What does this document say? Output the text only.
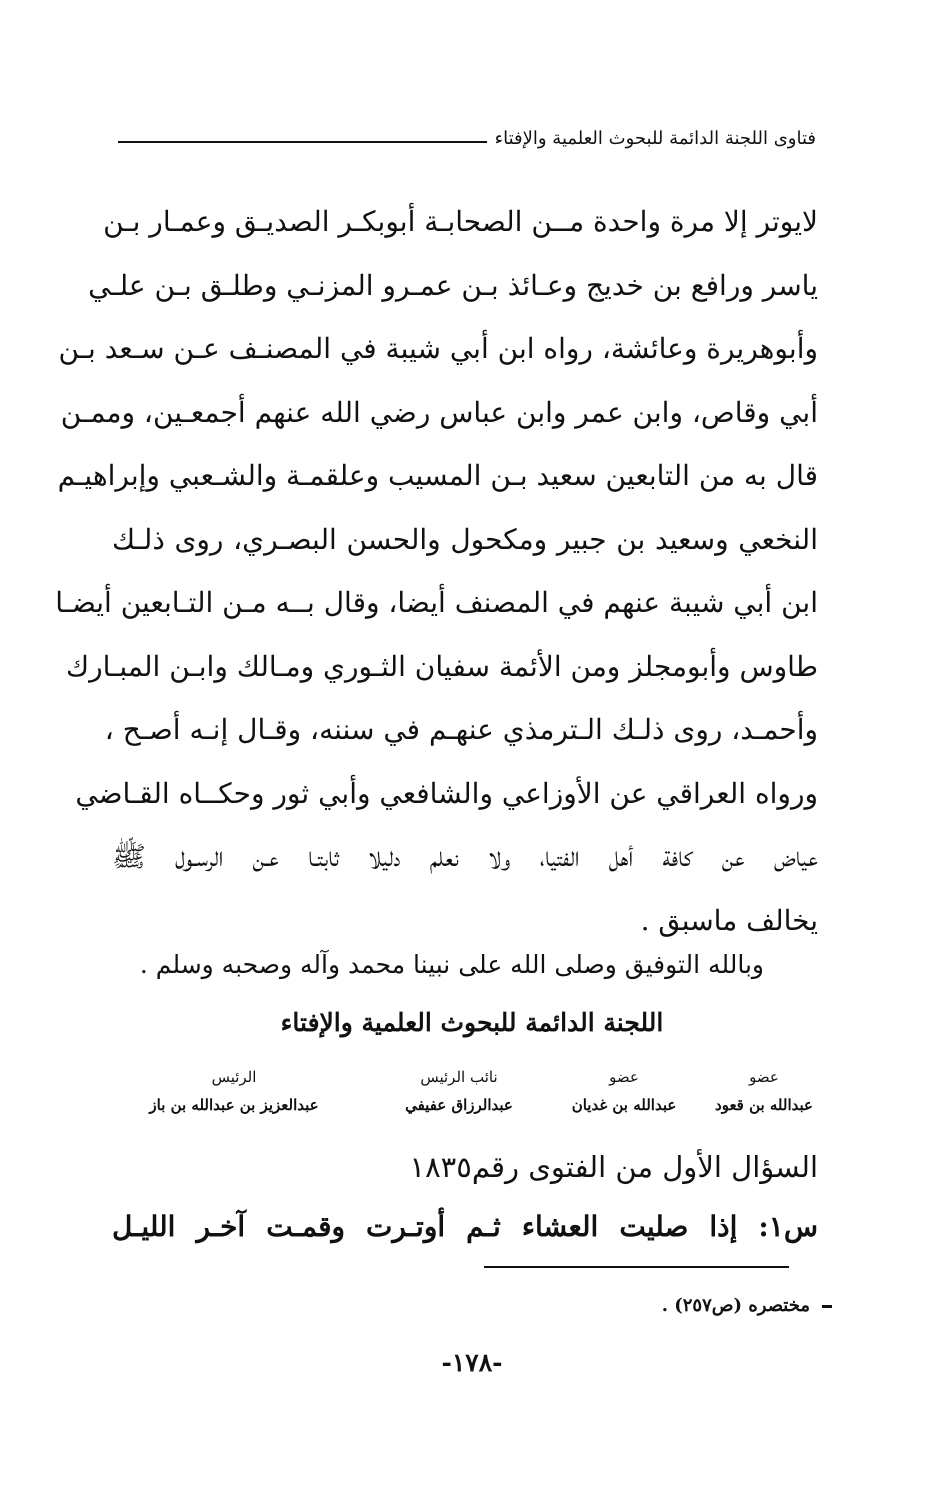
فتاوى اللجنة الدائمة للبحوث العلمية والإفتاء
لايوتر إلا مرة واحدة مــن الصحابـة أبوبكـر الصديـق وعمـار بـن
ياسر ورافع بن خديج وعـائذ بـن عمـرو المزنـي وطلـق بـن علـي
وأبوهريرة وعائشة، رواه ابن أبي شيبة في المصنـف عـن سـعد بـن
أبي وقاص، وابن عمر وابن عباس رضي الله عنهم أجمعـين، وممـن
قال به من التابعين سعيد بـن المسيب وعلقمـة والشـعبي وإبراهيـم
النخعي وسعيد بن جبير ومكحول والحسن البصـري، روى ذلـك
ابن أبي شيبة عنهم في المصنف أيضا، وقال بــه مـن التـابعين أيضـا
طاوس وأبومجلز ومن الأئمة سفيان الثـوري ومـالك وابـن المبـارك
وأحمـد، روى ذلـك الـترمذي عنهـم في سننه، وقـال إنـه أصـح ،
ورواه العراقي عن الأوزاعي والشافعي وأبي ثور وحكــاه القـاضي
عياض عن كافة أهل الفتيا، ولا نعلم دليلا ثابتـا عـن الرسـول ﷺ
يخالف ماسبق .
وبالله التوفيق وصلى الله على نبينا محمد وآله وصحبه وسلم .
اللجنة الدائمة للبحوث العلمية والإفتاء
عضو
عبدالله بن قعود
عضو
عبدالله بن غديان
نائب الرئيس
عبدالرزاق عفيفي
الرئيس
عبدالعزيز بن عبدالله بن باز
السؤال الأول من الفتوى رقم١٨٣٥
س١: إذا صليت العشاء ثـم أوتـرت وقمـت آخـر الليـل
مختصره (ص٢٥٧) .
-١٧٨-
